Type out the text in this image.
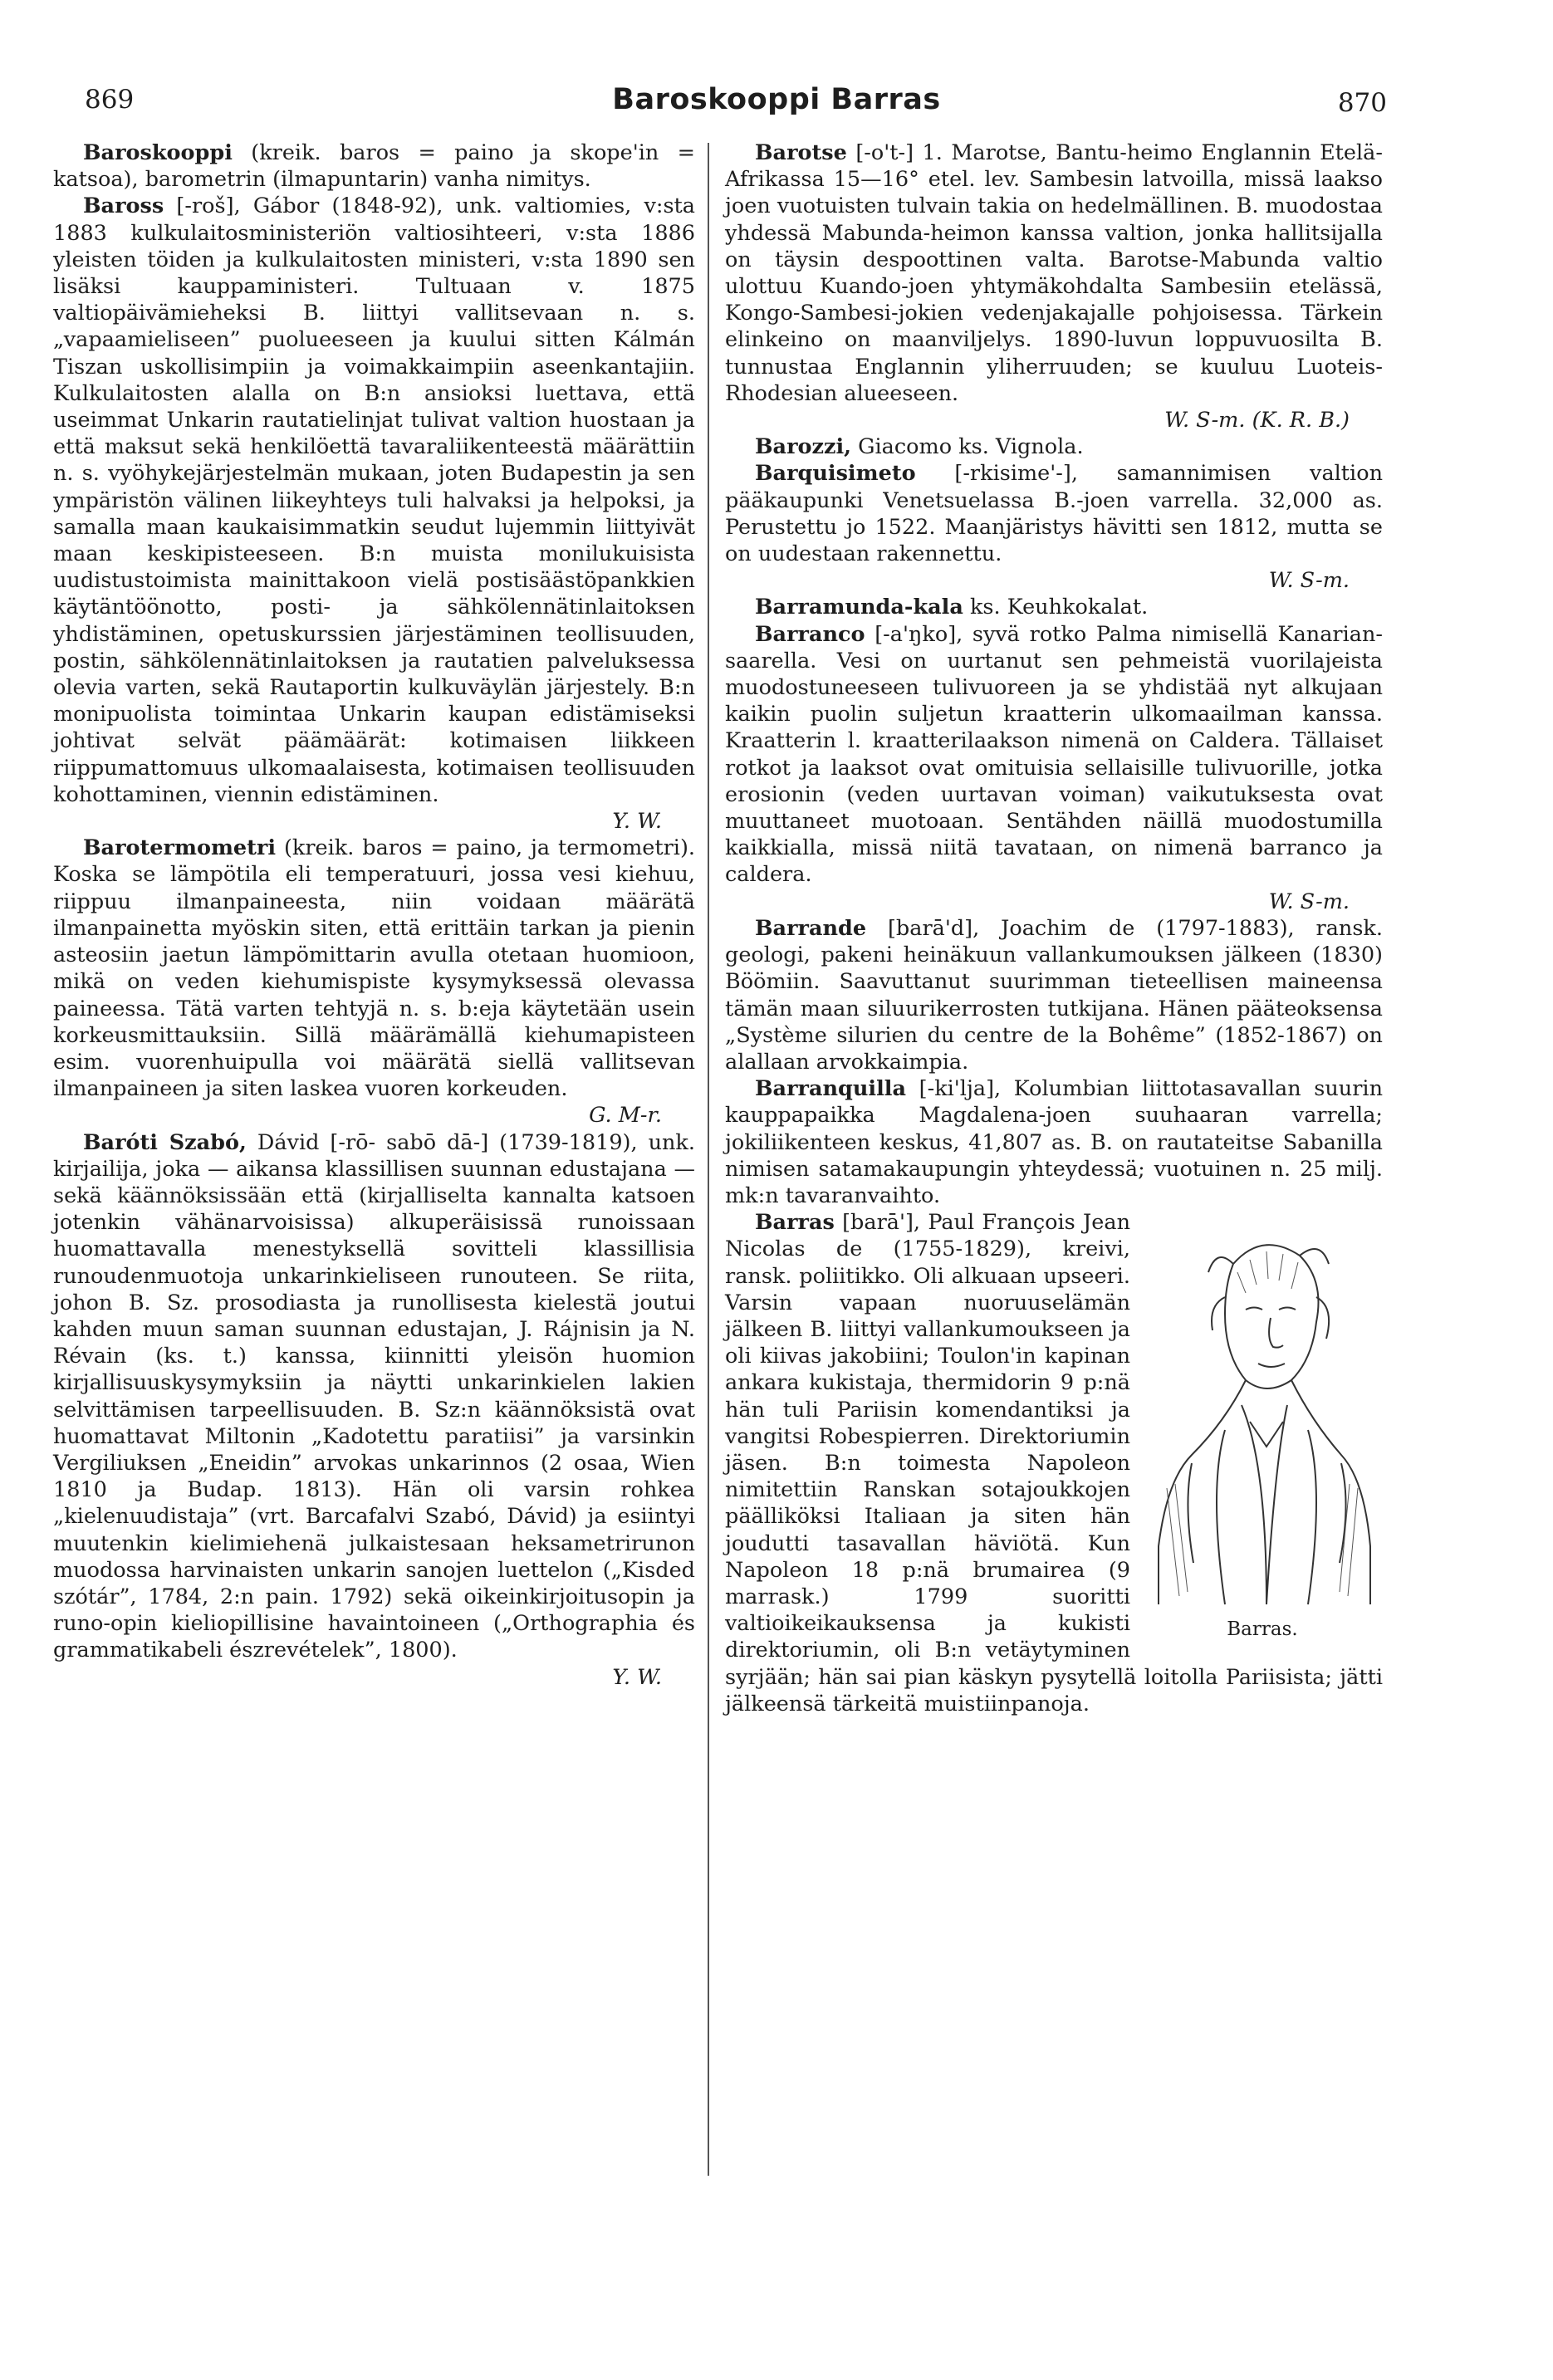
869	Baroskooppi Barras	870

Baroskooppi (kreik. baros = paino ja skope'in = katsoa), barometrin (ilmapuntarin) vanha nimitys.

Baross [-roš], Gábor (1848-92), unk. valtiomies, v:sta 1883 kulkulaitosministeriön valtiosihteeri, v:sta 1886 yleisten töiden ja kulkulaitosten ministeri, v:sta 1890 sen lisäksi kauppaministeri. Tultuaan v. 1875 valtiopäivämieheksi B. liittyi vallitsevaan n. s. „vapaamieliseen” puolueeseen ja kuului sitten Kálmán Tiszan uskollisimpiin ja voimakkaimpiin aseenkantajiin. Kulkulaitosten alalla on B:n ansioksi luettava, että useimmat Unkarin rautatielinjat tulivat valtion huostaan ja että maksut sekä henkilöettä tavaraliikenteestä määrättiin n. s. vyöhykejärjestelmän mukaan, joten Budapestin ja sen ympäristön välinen liikeyhteys tuli halvaksi ja helpoksi, ja samalla maan kaukaisimmatkin seudut lujemmin liittyivät maan keskipisteeseen. B:n muista monilukuisista uudistustoimista mainittakoon vielä postisäästöpankkien käytäntöönotto, posti- ja sähkölennätinlaitoksen yhdistäminen, opetuskurssien järjestäminen teollisuuden, postin, sähkölennätinlaitoksen ja rautatien palveluksessa olevia varten, sekä Rautaportin kulkuväylän järjestely. B:n monipuolista toimintaa Unkarin kaupan edistämiseksi johtivat selvät päämäärät: kotimaisen liikkeen riippumattomuus ulkomaalaisesta, kotimaisen teollisuuden kohottaminen, viennin edistäminen.

Y. W.

Barotermometri (kreik. baros = paino, ja termometri). Koska se lämpötila eli temperatuuri, jossa vesi kiehuu, riippuu ilmanpaineesta, niin voidaan määrätä ilmanpainetta myöskin siten, että erittäin tarkan ja pienin asteosiin jaetun lämpömittarin avulla otetaan huomioon, mikä on veden kiehumispiste kysymyksessä olevassa paineessa. Tätä varten tehtyjä n. s. b:eja käytetään usein korkeusmittauksiin. Sillä määrämällä kiehumapisteen esim. vuorenhuipulla voi määrätä siellä vallitsevan ilmanpaineen ja siten laskea vuoren korkeuden.

G. M-r.

Baróti Szabó, Dávid [-rō- sabō dā-] (1739-1819), unk. kirjailija, joka — aikansa klassillisen suunnan edustajana — sekä käännöksissään että (kirjalliselta kannalta katsoen jotenkin vähänarvoisissa) alkuperäisissä runoissaan huomattavalla menestyksellä sovitteli klassillisia runoudenmuotoja unkarinkieliseen runouteen. Se riita, johon B. Sz. prosodiasta ja runollisesta kielestä joutui kahden muun saman suunnan edustajan, J. Rájnisin ja N. Révain (ks. t.) kanssa, kiinnitti yleisön huomion kirjallisuuskysymyksiin ja näytti unkarinkielen lakien selvittämisen tarpeellisuuden. B. Sz:n käännöksistä ovat huomattavat Miltonin „Kadotettu paratiisi” ja varsinkin Vergiliuksen „Eneidin” arvokas unkarinnos (2 osaa, Wien 1810 ja Budap. 1813). Hän oli varsin rohkea „kielenuudistaja” (vrt. Barcafalvi Szabó, Dávid) ja esiintyi muutenkin kielimiehenä julkaistesaan heksametrirunon muodossa harvinaisten unkarin sanojen luettelon („Kisded szótár”, 1784, 2:n pain. 1792) sekä oikeinkirjoitusopin ja runo-opin kieliopillisine havaintoineen („Orthographia és grammatikabeli észrevételek”, 1800).

Y. W.

Barotse [-o't-] 1. Marotse, Bantu-heimo Englannin Etelä-Afrikassa 15—16° etel. lev. Sambesin latvoilla, missä laakso joen vuotuisten tulvain takia on hedelmällinen. B. muodostaa yhdessä Mabunda-heimon kanssa valtion, jonka hallitsijalla on täysin despoottinen valta. Barotse-Mabunda valtio ulottuu Kuando-joen yhtymäkohdalta Sambesiin etelässä, Kongo-Sambesi-jokien vedenjakajalle pohjoisessa. Tärkein elinkeino on maanviljelys. 1890-luvun loppuvuosilta B. tunnustaa Englannin yliherruuden; se kuuluu Luoteis-Rhodesian alueeseen.

W. S-m. (K. R. B.)

Barozzi, Giacomo ks. Vignola.

Barquisimeto [-rkisime'-], samannimisen valtion pääkaupunki Venetsuelassa B.-joen varrella. 32,000 as. Perustettu jo 1522. Maanjäristys hävitti sen 1812, mutta se on uudestaan rakennettu.

W. S-m.

Barramunda-kala ks. Keuhkokalat.

Barranco [-a'ŋko], syvä rotko Palma nimisellä Kanarian-saarella. Vesi on uurtanut sen pehmeistä vuorilajeista muodostuneeseen tulivuoreen ja se yhdistää nyt alkujaan kaikin puolin suljetun kraatterin ulkomaailman kanssa. Kraatterin l. kraatterilaakson nimenä on Caldera. Tällaiset rotkot ja laaksot ovat omituisia sellaisille tulivuorille, jotka erosionin (veden uurtavan voiman) vaikutuksesta ovat muuttaneet muotoaan. Sentähden näillä muodostumilla kaikkialla, missä niitä tavataan, on nimenä barranco ja caldera.

W. S-m.

Barrande [barā'd], Joachim de (1797-1883), ransk. geologi, pakeni heinäkuun vallankumouksen jälkeen (1830) Böömiin. Saavuttanut suurimman tieteellisen maineensa tämän maan siluurikerrosten tutkijana. Hänen pääteoksensa „Système silurien du centre de la Bohême” (1852-1867) on alallaan arvokkaimpia.

Barranquilla [-ki'lja], Kolumbian liittotasavallan suurin kauppapaikka Magdalena-joen suuhaaran varrella; jokiliikenteen keskus, 41,807 as. B. on rautateitse Sabanilla nimisen satamakaupungin yhteydessä; vuotuinen n. 25 milj. mk:n tavaranvaihto.

Barras.

Barras [barā'], Paul François Jean Nicolas de (1755-1829), kreivi, ransk. poliitikko. Oli alkuaan upseeri. Varsin vapaan nuoruuselämän jälkeen B. liittyi vallankumoukseen ja oli kiivas jakobiini; Toulon'in kapinan ankara kukistaja, thermidorin 9 p:nä hän tuli Pariisin komendantiksi ja vangitsi Robespierren. Direktoriumin jäsen. B:n toimesta Napoleon nimitettiin Ranskan sotajoukkojen päälliköksi Italiaan ja siten hän joudutti tasavallan häviötä. Kun Napoleon 18 p:nä brumairea (9 marrask.) 1799 suoritti valtioikeikauksensa ja kukisti direktoriumin, oli B:n vetäytyminen syrjään; hän sai pian käskyn pysytellä loitolla Pariisista; jätti jälkeensä tärkeitä muistiinpanoja.
